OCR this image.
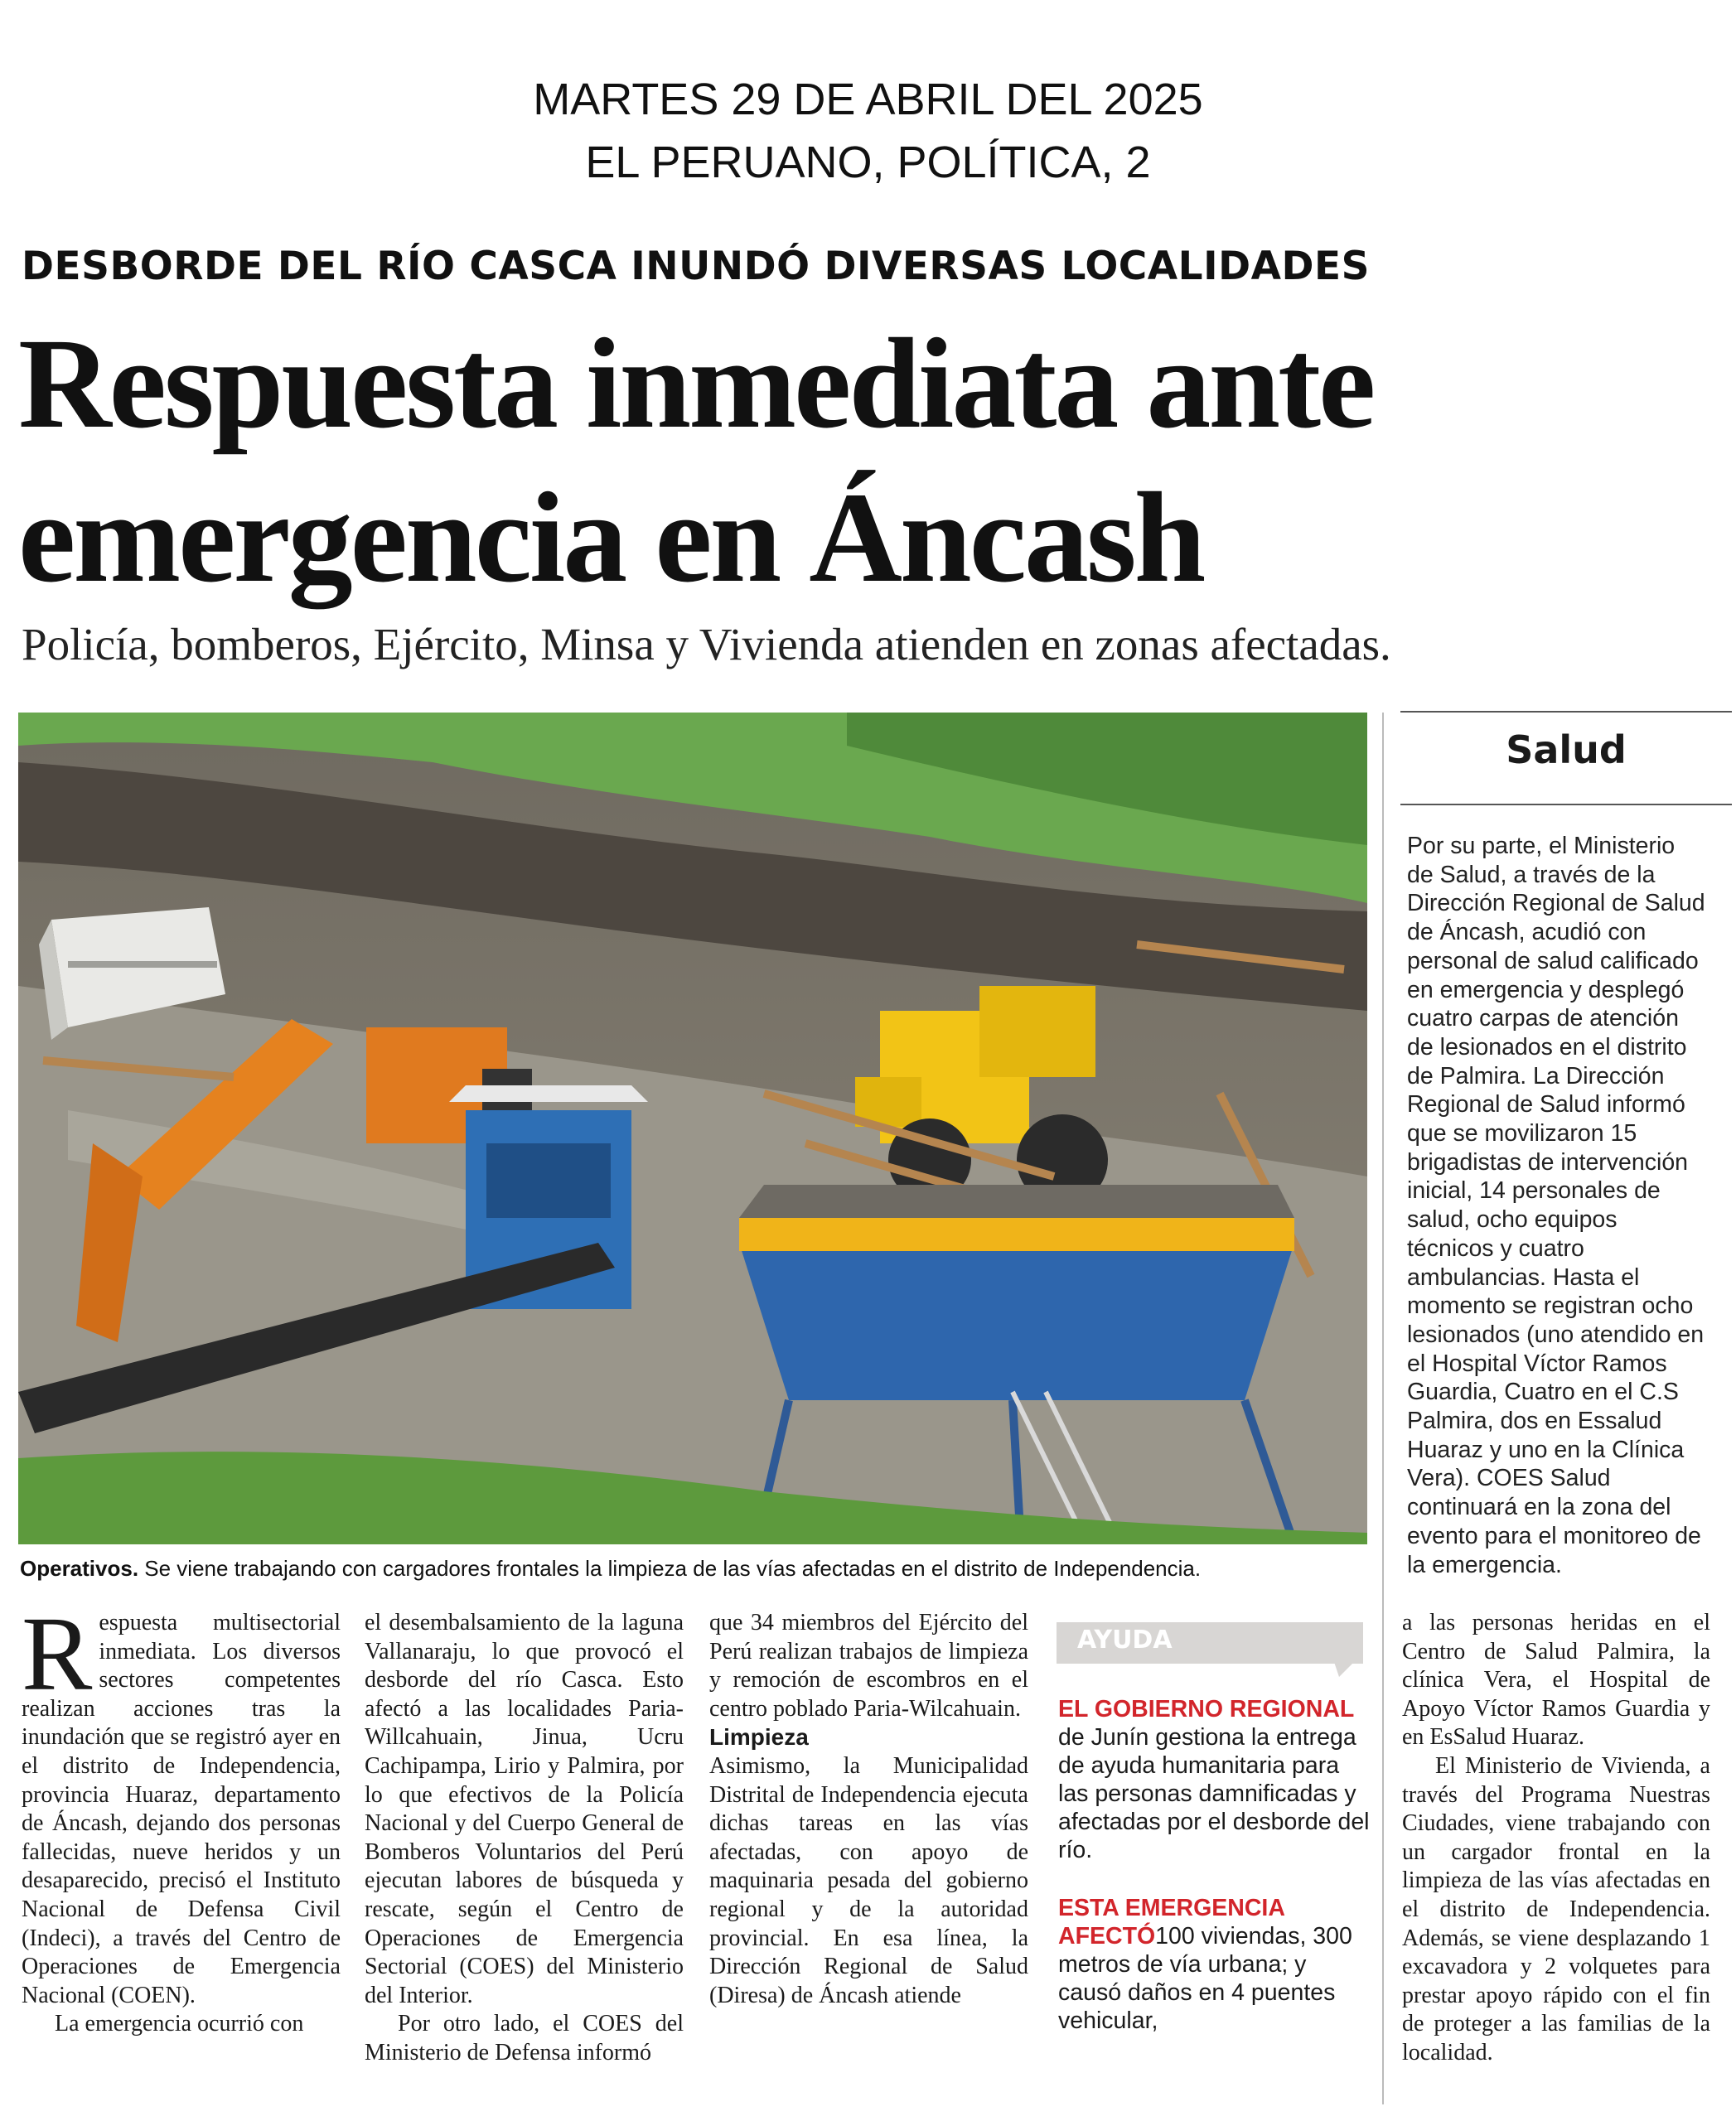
MARTES 29 DE ABRIL DEL 2025
EL PERUANO, POLÍTICA, 2
DESBORDE DEL RÍO CASCA INUNDÓ DIVERSAS LOCALIDADES
Respuesta inmediata ante
emergencia en Áncash
Policía, bomberos, Ejército, Minsa y Vivienda atienden en zonas afectadas.
Operativos. Se viene trabajando con cargadores frontales la limpieza de las vías afectadas en el distrito de Independencia.
Salud
Por su parte, el Ministerio de Salud, a través de la Dirección Regional de Salud de Áncash, acudió con personal de salud calificado en emergencia y desplegó cuatro carpas de atención de lesionados en el distrito de Palmira. La Dirección Regional de Salud informó que se movilizaron 15 brigadistas de intervención inicial, 14 personales de salud, ocho equipos técnicos y cuatro ambulancias. Hasta el momento se registran ocho lesionados (uno atendido en el Hospital Víctor Ramos Guardia, Cuatro en el C.S Palmira, dos en Essalud Huaraz y uno en la Clínica Vera). COES Salud continuará en la zona del evento para el monitoreo de la emergencia.

Respuesta multisectorial inmediata. Los diversos sectores competentes realizan acciones tras la inundación que se registró ayer en el distrito de Independencia, provincia Huaraz, departamento de Áncash, dejando dos personas fallecidas, nueve heridos y un desaparecido, precisó el Instituto Nacional de Defensa Civil (Indeci), a través del Centro de Operaciones de Emergencia Nacional (COEN).

La emergencia ocurrió con

el desembalsamiento de la laguna Vallanaraju, lo que provocó el desborde del río Casca. Esto afectó a las localidades Paria-Willcahuain, Jinua, Ucru Cachipampa, Lirio y Palmira, por lo que efectivos de la Policía Nacional y del Cuerpo General de Bomberos Voluntarios del Perú ejecutan labores de búsqueda y rescate, según el Centro de Operaciones de Emergencia Sectorial (COES) del Ministerio del Interior.

Por otro lado, el COES del Ministerio de Defensa informó

que 34 miembros del Ejército del Perú realizan trabajos de limpieza y remoción de escombros en el centro poblado Paria-Wilcahuain.

Limpieza

Asimismo, la Municipalidad Distrital de Independencia ejecuta dichas tareas en las vías afectadas, con apoyo de maquinaria pesada del gobierno regional y de la autoridad provincial. En esa línea, la Dirección Regional de Salud (Diresa) de Áncash atiende

AYUDA
EL GOBIERNO REGIONAL de Junín gestiona la entrega de ayuda humanitaria para las personas damnificadas y afectadas por el desborde del río.
ESTA EMERGENCIA AFECTÓ100 viviendas, 300 metros de vía urbana; y causó daños en 4 puentes vehicular,

a las personas heridas en el Centro de Salud Palmira, la clínica Vera, el Hospital de Apoyo Víctor Ramos Guardia y en EsSalud Huaraz.

El Ministerio de Vivienda, a través del Programa Nuestras Ciudades, viene trabajando con un cargador frontal en la limpieza de las vías afectadas en el distrito de Independencia. Además, se viene desplazando 1 excavadora y 2 volquetes para prestar apoyo rápido con el fin de proteger a las familias de la localidad.
